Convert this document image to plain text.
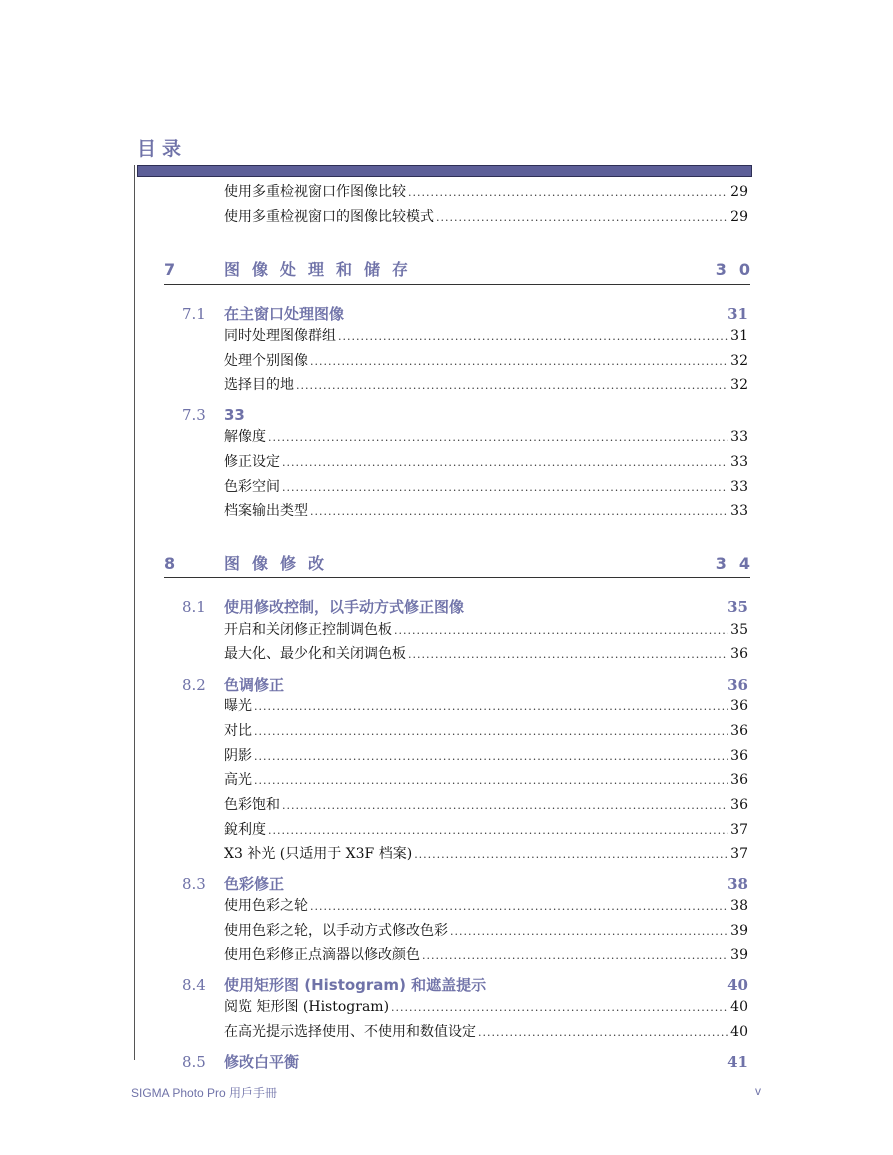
目录
使用多重检视窗口作图像比较 .....	29
使用多重检视窗口的图像比较模式 .....	29
7	图像处理和储存	30
7.1 在主窗口处理图像	31
同时处理图像群组 .....	31
处理个别图像 .....	32
选择目的地 .....	32
7.3 33
解像度 .....	33
修正设定 .....	33
色彩空间 .....	33
档案输出类型 .....	33
8	图像修改	34
8.1 使用修改控制，以手动方式修正图像	35
开启和关闭修正控制调色板 .....	35
最大化、最少化和关闭调色板 .....	36
8.2 色调修正	36
曝光 .....	36
对比 .....	36
阴影 .....	36
高光 .....	36
色彩饱和 .....	36
銳利度 .....	37
X3 补光 (只适用于 X3F 档案) .....	37
8.3 色彩修正	38
使用色彩之轮 .....	38
使用色彩之轮，以手动方式修改色彩 .....	39
使用色彩修正点滴器以修改颜色 .....	39
8.4 使用矩形图 (Histogram) 和遮盖提示	40
阅览 矩形图 (Histogram) .....	40
在高光提示选择使用、不使用和数值设定 .....	40
8.5 修改白平衡	41
SIGMA Photo Pro 用戶手冊	v
